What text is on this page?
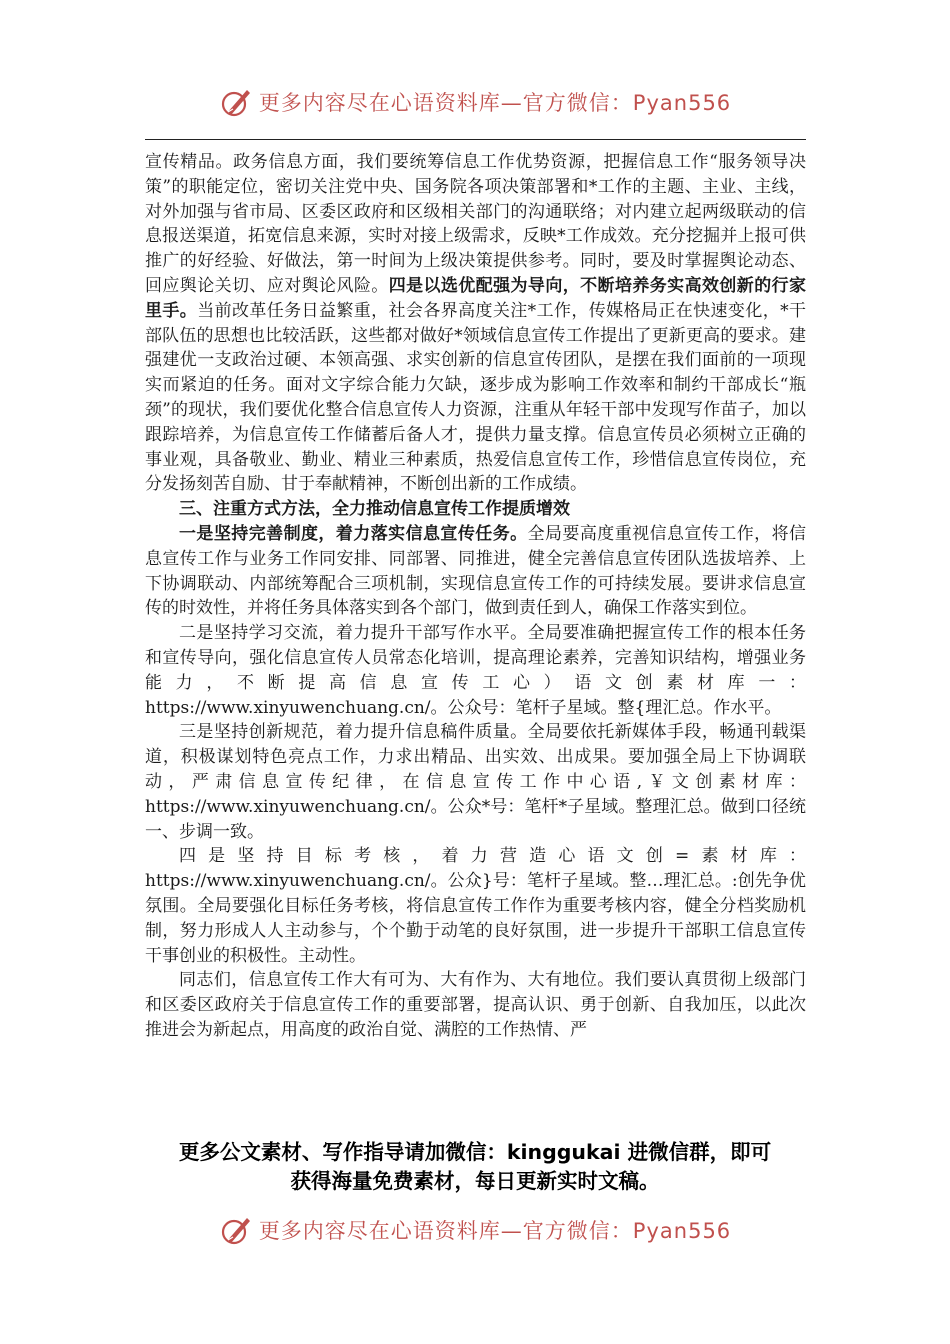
更多内容尽在心语资料库—官方微信：Pyan556

宣传精品。政务信息方面，我们要统筹信息工作优势资源，把握信息工作“服务领导决策”的职能定位，密切关注党中央、国务院各项决策部署和*工作的主题、主业、主线，对外加强与省市局、区委区政府和区级相关部门的沟通联络；对内建立起两级联动的信息报送渠道，拓宽信息来源，实时对接上级需求，反映*工作成效。充分挖掘并上报可供推广的好经验、好做法，第一时间为上级决策提供参考。同时，要及时掌握舆论动态、回应舆论关切、应对舆论风险。四是以选优配强为导向，不断培养务实高效创新的行家里手。当前改革任务日益繁重，社会各界高度关注*工作，传媒格局正在快速变化，*干部队伍的思想也比较活跃，这些都对做好*领域信息宣传工作提出了更新更高的要求。建强建优一支政治过硬、本领高强、求实创新的信息宣传团队，是摆在我们面前的一项现实而紧迫的任务。面对文字综合能力欠缺，逐步成为影响工作效率和制约干部成长“瓶颈”的现状，我们要优化整合信息宣传人力资源，注重从年轻干部中发现写作苗子，加以跟踪培养，为信息宣传工作储蓄后备人才，提供力量支撑。信息宣传员必须树立正确的事业观，具备敬业、勤业、精业三种素质，热爱信息宣传工作，珍惜信息宣传岗位，充分发扬刻苦自励、甘于奉献精神，不断创出新的工作成绩。

三、注重方式方法，全力推动信息宣传工作提质增效

一是坚持完善制度，着力落实信息宣传任务。全局要高度重视信息宣传工作，将信息宣传工作与业务工作同安排、同部署、同推进，健全完善信息宣传团队选拔培养、上下协调联动、内部统筹配合三项机制，实现信息宣传工作的可持续发展。要讲求信息宣传的时效性，并将任务具体落实到各个部门，做到责任到人，确保工作落实到位。

二是坚持学习交流，着力提升干部写作水平。全局要准确把握宣传工作的根本任务和宣传导向，强化信息宣传人员常态化培训，提高理论素养，完善知识结构，增强业务能力，不断提高信息宣传工心）语文创素材库一：https://www.xinyuwenchuang.cn/。公众号：笔杆子星域。整{理汇总。作水平。

三是坚持创新规范，着力提升信息稿件质量。全局要依托新媒体手段，畅通刊载渠道，积极谋划特色亮点工作，力求出精品、出实效、出成果。要加强全局上下协调联动，严肃信息宣传纪律，在信息宣传工作中心语,￥文创素材库：https://www.xinyuwenchuang.cn/。公众*号：笔杆*子星域。整理汇总。做到口径统一、步调一致。

四是坚持目标考核，着力营造心语文创=素材库：https://www.xinyuwenchuang.cn/。公众}号：笔杆子星域。整…理汇总。:创先争优氛围。全局要强化目标任务考核，将信息宣传工作作为重要考核内容，健全分档奖励机制，努力形成人人主动参与，个个勤于动笔的良好氛围，进一步提升干部职工信息宣传干事创业的积极性。主动性。

同志们，信息宣传工作大有可为、大有作为、大有地位。我们要认真贯彻上级部门和区委区政府关于信息宣传工作的重要部署，提高认识、勇于创新、自我加压，以此次推进会为新起点，用高度的政治自觉、满腔的工作热情、严

更多公文素材、写作指导请加微信：kinggukai 进微信群，即可
获得海量免费素材，每日更新实时文稿。
更多内容尽在心语资料库—官方微信：Pyan556
